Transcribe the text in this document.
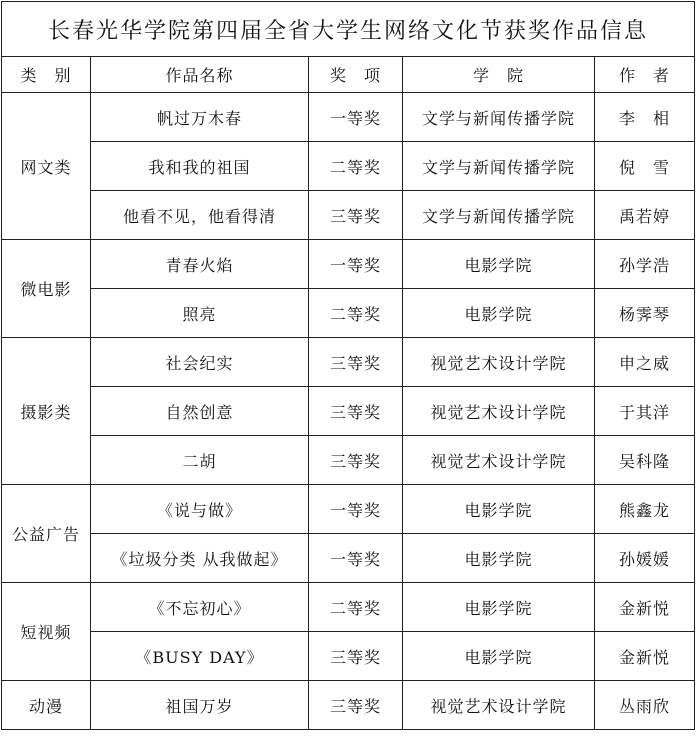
长春光华学院第四届全省大学生网络文化节获奖作品信息				
类　别	作品名称	奖　项	学　院	作　者
网文类	帆过万木春	一等奖	文学与新闻传播学院	李　相
	我和我的祖国	二等奖	文学与新闻传播学院	倪　雪
	他看不见，他看得清	三等奖	文学与新闻传播学院	禹若婷
微电影	青春火焰	一等奖	电影学院	孙学浩
	照亮	二等奖	电影学院	杨霁琴
摄影类	社会纪实	三等奖	视觉艺术设计学院	申之威
	自然创意	三等奖	视觉艺术设计学院	于其洋
	二胡	三等奖	视觉艺术设计学院	吴科隆
公益广告	《说与做》	一等奖	电影学院	熊鑫龙
	《垃圾分类 从我做起》	一等奖	电影学院	孙媛媛
短视频	《不忘初心》	二等奖	电影学院	金新悦
	《BUSY DAY》	三等奖	电影学院	金新悦
动漫	祖国万岁	三等奖	视觉艺术设计学院	丛雨欣
